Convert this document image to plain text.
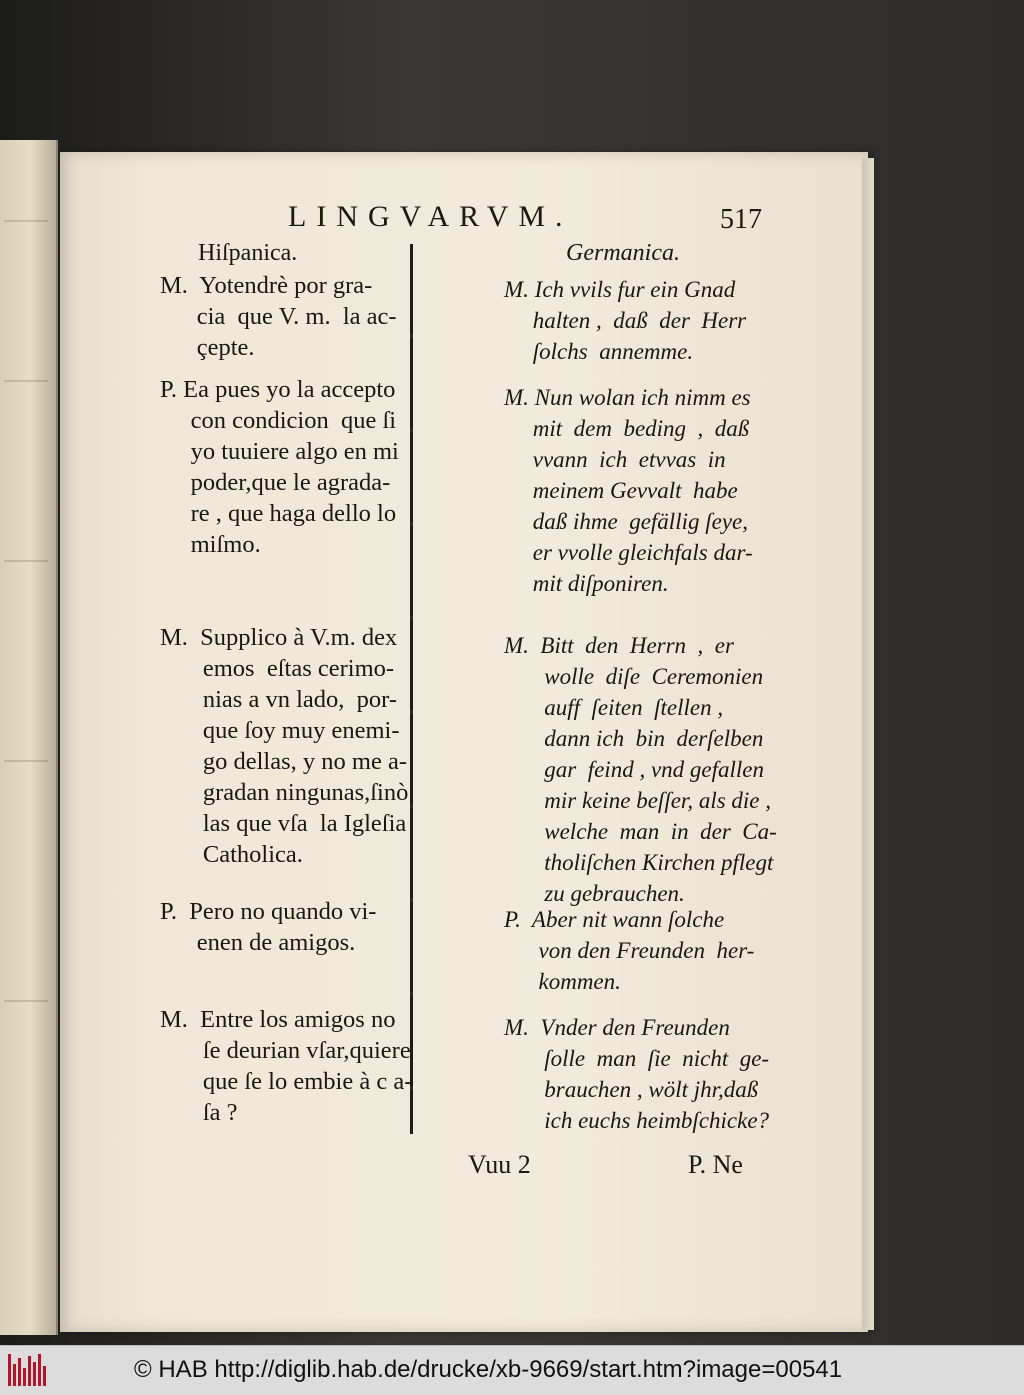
LINGVARVM.	517
Hiſpanica.	Germanica.
M.  Yotendrè por gra-
cia  que V. m.  la ac-
çepte.
P. Ea pues yo la accepto
con condicion  que ſi
yo tuuiere algo en mi
poder,que le agrada-
re , que haga dello lo
miſmo.
M.  Supplico à V.m. dex
emos  eſtas cerimo-
nias a vn lado,  por-
que ſoy muy enemi-
go dellas, y no me a-
gradan ningunas,ſinò
las que vſa  la Igleſia
Catholica.
P.  Pero no quando vi-
enen de amigos.
M.  Entre los amigos no
ſe deurian vſar,quiere
que ſe lo embie à c a-
ſa ?
M. Ich vvils fur ein Gnad
halten ,  daß  der  Herr
ſolchs  annemme.
M. Nun wolan ich nimm es
mit  dem  beding  ,  daß
vvann  ich  etvvas  in
meinem Gevvalt  habe
daß ihme  gefällig ſeye,
er vvolle gleichfals dar-
mit diſponiren.
M.  Bitt  den  Herrn  ,  er
wolle  diſe  Ceremonien
auff  ſeiten  ſtellen ,
dann ich  bin  derſelben
gar  feind , vnd gefallen
mir keine beſſer, als die ,
welche  man  in  der  Ca-
tholiſchen Kirchen pflegt
zu gebrauchen.
P.  Aber nit wann ſolche
von den Freunden  her-
kommen.
M.  Vnder den Freunden
ſolle  man  ſie  nicht  ge-
brauchen , wölt jhr,daß
ich euchs heimbſchicke?
Vuu 2	P. Ne
© HAB http://diglib.hab.de/drucke/xb-9669/start.htm?image=00541
